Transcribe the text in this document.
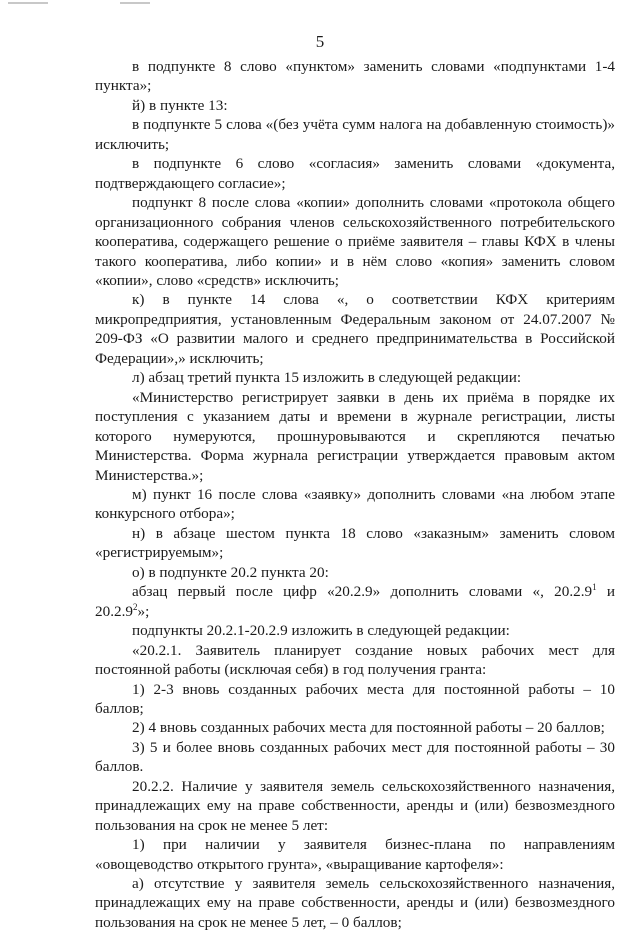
5

в подпункте 8 слово «пунктом» заменить словами «подпунктами 1-4 пункта»;

й) в пункте 13:

в подпункте 5 слова «(без учёта сумм налога на добавленную стоимость)» исключить;

в подпункте 6 слово «согласия» заменить словами «документа, подтверждающего согласие»;

подпункт 8 после слова «копии» дополнить словами «протокола общего организационного собрания членов сельскохозяйственного потребительского кооператива, содержащего решение о приёме заявителя – главы КФХ в члены такого кооператива, либо копии» и в нём слово «копия» заменить словом «копии», слово «средств» исключить;

к) в пункте 14 слова «, о соответствии КФХ критериям микропредприятия, установленным Федеральным законом от 24.07.2007 № 209-ФЗ «О развитии малого и среднего предпринимательства в Российской Федерации»,» исключить;

л) абзац третий пункта 15 изложить в следующей редакции:

«Министерство регистрирует заявки в день их приёма в порядке их поступления с указанием даты и времени в журнале регистрации, листы которого нумеруются, прошнуровываются и скрепляются печатью Министерства. Форма журнала регистрации утверждается правовым актом Министерства.»;

м) пункт 16 после слова «заявку» дополнить словами «на любом этапе конкурсного отбора»;

н) в абзаце шестом пункта 18 слово «заказным» заменить словом «регистрируемым»;

о) в подпункте 20.2 пункта 20:

абзац первый после цифр «20.2.9» дополнить словами «, 20.2.9$^1$ и 20.2.9$^2$»;

подпункты 20.2.1-20.2.9 изложить в следующей редакции:

«20.2.1. Заявитель планирует создание новых рабочих мест для постоянной работы (исключая себя) в год получения гранта:

1) 2-3 вновь созданных рабочих места для постоянной работы – 10 баллов;

2) 4 вновь созданных рабочих места для постоянной работы – 20 баллов;

3) 5 и более вновь созданных рабочих мест для постоянной работы – 30 баллов.

20.2.2. Наличие у заявителя земель сельскохозяйственного назначения, принадлежащих ему на праве собственности, аренды и (или) безвозмездного пользования на срок не менее 5 лет:

1) при наличии у заявителя бизнес-плана по направлениям «овощеводство открытого грунта», «выращивание картофеля»:

а) отсутствие у заявителя земель сельскохозяйственного назначения, принадлежащих ему на праве собственности, аренды и (или) безвозмездного пользования на срок не менее 5 лет, – 0 баллов;
